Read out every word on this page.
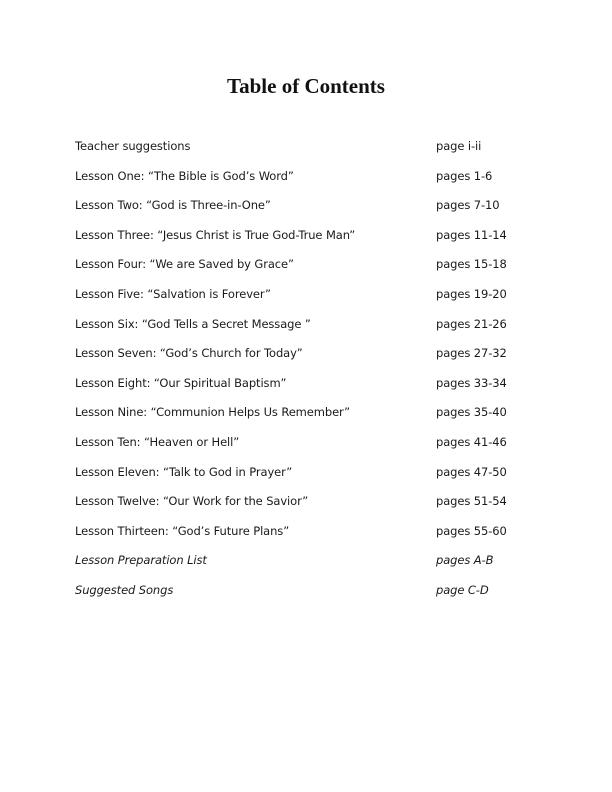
Table of Contents
Teacher suggestions	page i-ii
Lesson One: “The Bible is God’s Word”	pages 1-6
Lesson Two: “God is Three-in-One”	pages 7-10
Lesson Three: “Jesus Christ is True God-True Man”	pages 11-14
Lesson Four: “We are Saved by Grace”	pages 15-18
Lesson Five: “Salvation is Forever”	pages 19-20
Lesson Six: “God Tells a Secret Message ”	pages 21-26
Lesson Seven: “God’s Church for Today”	pages 27-32
Lesson Eight: “Our Spiritual Baptism”	pages 33-34
Lesson Nine: “Communion Helps Us Remember”	pages 35-40
Lesson Ten: “Heaven or Hell”	pages 41-46
Lesson Eleven: “Talk to God in Prayer”	pages 47-50
Lesson Twelve: “Our Work for the Savior”	pages 51-54
Lesson Thirteen: “God’s Future Plans”	pages 55-60
Lesson Preparation List	pages A-B
Suggested Songs	page C-D
